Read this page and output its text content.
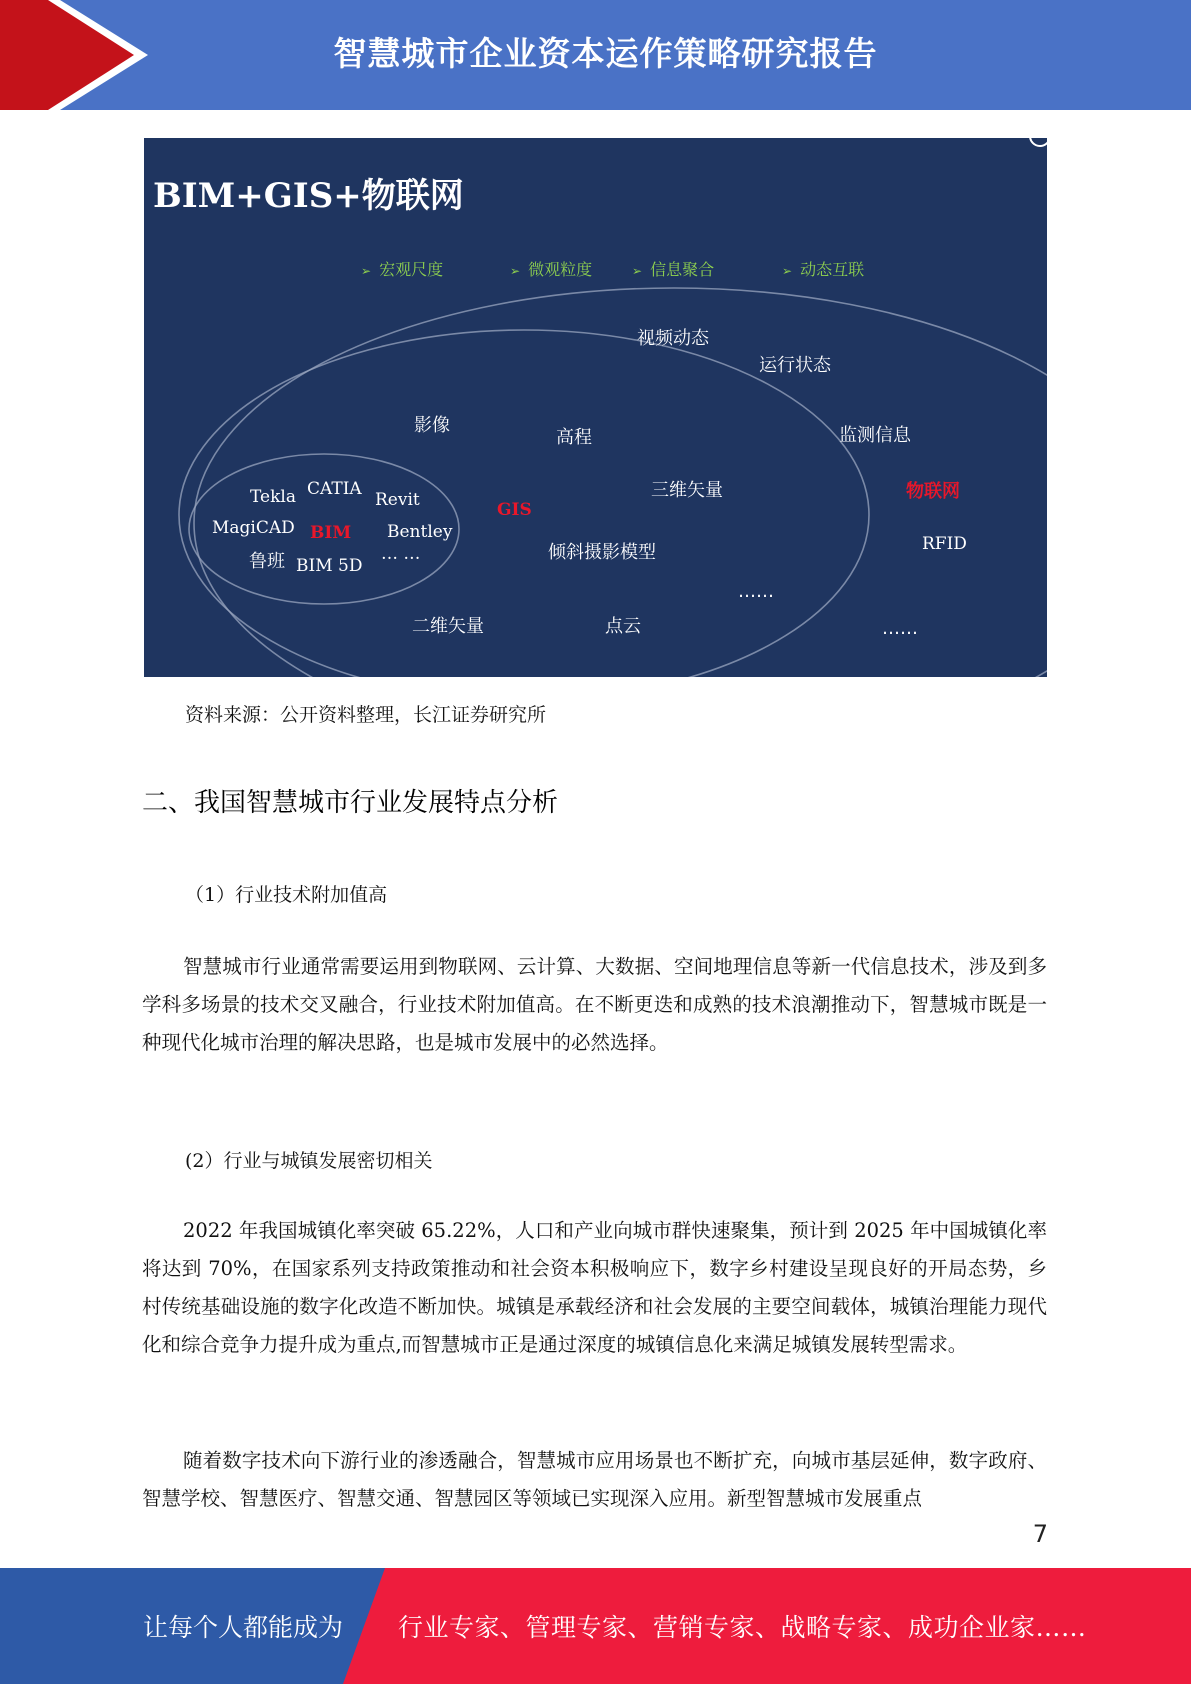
智慧城市企业资本运作策略研究报告
BIM+GIS+物联网
➢ 宏观尺度	➢ 微观粒度	➢ 信息聚合	➢ 动态互联
视频动态
运行状态
影像
高程	监测信息
三维矢量	物联网
GIS
RFID
倾斜摄影模型
……
……
二维矢量	点云
Tekla CATIA
Revit
MagiCAD BIM Bentley
鲁班	… …
BIM 5D
资料来源：公开资料整理，长江证券研究所
二、我国智慧城市行业发展特点分析
（1）行业技术附加值高
智慧城市行业通常需要运用到物联网、云计算、大数据、空间地理信息等新一代信息技术，涉及到多学科多场景的技术交叉融合，行业技术附加值高。在不断更迭和成熟的技术浪潮推动下，智慧城市既是一种现代化城市治理的解决思路，也是城市发展中的必然选择。
(2）行业与城镇发展密切相关
2022 年我国城镇化率突破 65.22%，人口和产业向城市群快速聚集，预计到 2025 年中国城镇化率将达到 70%，在国家系列支持政策推动和社会资本积极响应下，数字乡村建设呈现良好的开局态势，乡村传统基础设施的数字化改造不断加快。城镇是承载经济和社会发展的主要空间载体，城镇治理能力现代化和综合竞争力提升成为重点,而智慧城市正是通过深度的城镇信息化来满足城镇发展转型需求。
随着数字技术向下游行业的渗透融合，智慧城市应用场景也不断扩充，向城市基层延伸，数字政府、智慧学校、智慧医疗、智慧交通、智慧园区等领域已实现深入应用。新型智慧城市发展重点
7
让每个人都能成为 行业专家、管理专家、营销专家、战略专家、成功企业家……
